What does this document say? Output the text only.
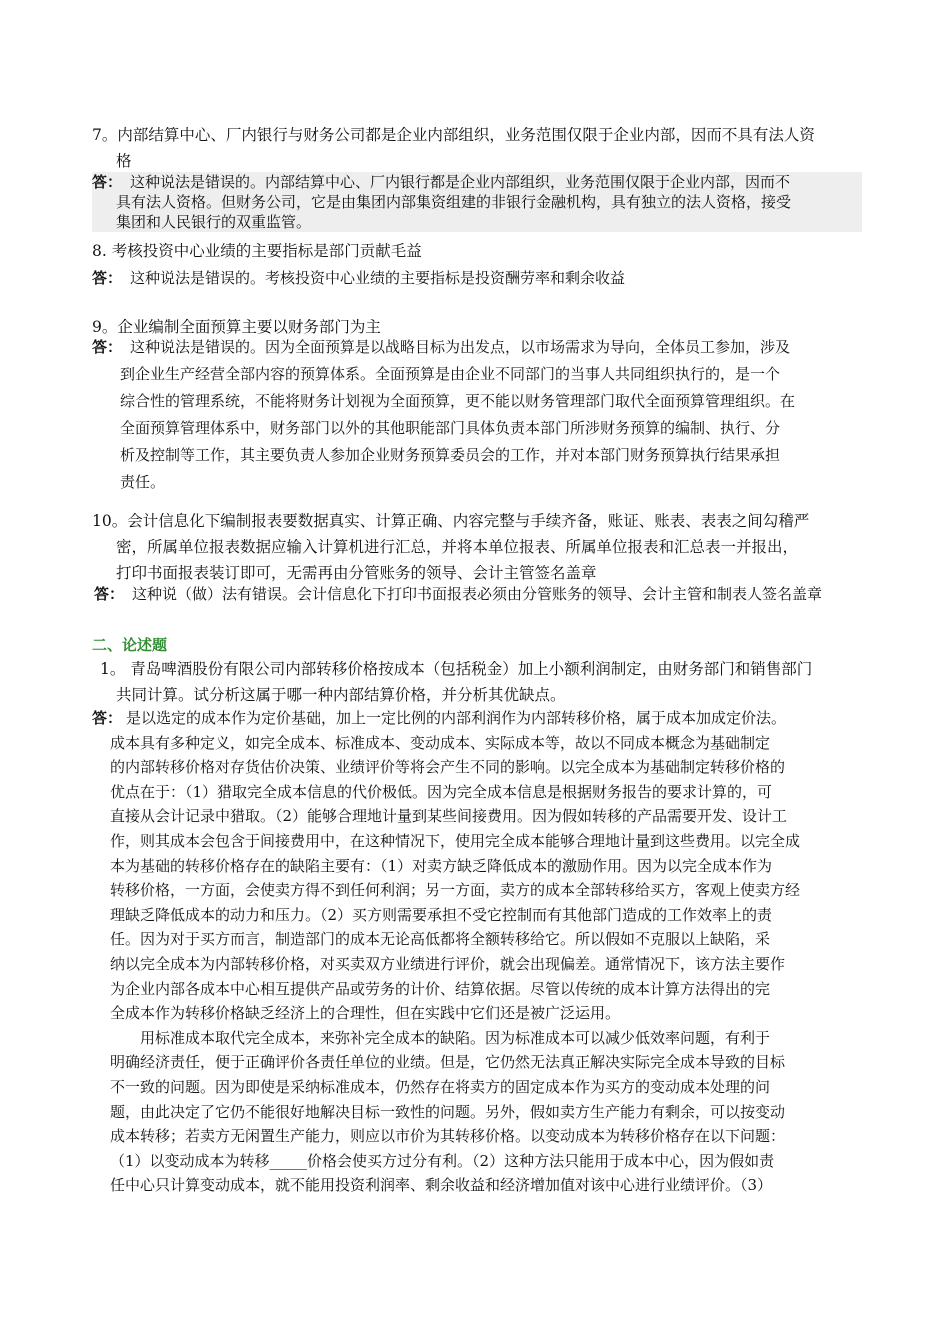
7。内部结算中心、厂内银行与财务公司都是企业内部组织，业务范围仅限于企业内部，因而不具有法人资
格
答： 这种说法是错误的。内部结算中心、厂内银行都是企业内部组织，业务范围仅限于企业内部，因而不
具有法人资格。但财务公司，它是由集团内部集资组建的非银行金融机构，具有独立的法人资格，接受
集团和人民银行的双重监管。
8. 考核投资中心业绩的主要指标是部门贡献毛益
答： 这种说法是错误的。考核投资中心业绩的主要指标是投资酬劳率和剩余收益
9。企业编制全面预算主要以财务部门为主
答： 这种说法是错误的。因为全面预算是以战略目标为出发点，以市场需求为导向，全体员工参加，涉及
到企业生产经营全部内容的预算体系。全面预算是由企业不同部门的当事人共同组织执行的，是一个
综合性的管理系统，不能将财务计划视为全面预算，更不能以财务管理部门取代全面预算管理组织。在
全面预算管理体系中，财务部门以外的其他职能部门具体负责本部门所涉财务预算的编制、执行、分
析及控制等工作，其主要负责人参加企业财务预算委员会的工作，并对本部门财务预算执行结果承担
责任。
10。会计信息化下编制报表要数据真实、计算正确、内容完整与手续齐备，账证、账表、表表之间勾稽严
密，所属单位报表数据应输入计算机进行汇总，并将本单位报表、所属单位报表和汇总表一并报出，
打印书面报表装订即可，无需再由分管账务的领导、会计主管签名盖章
答： 这种说（做）法有错误。会计信息化下打印书面报表必须由分管账务的领导、会计主管和制表人签名盖章
二、论述题
1。 青岛啤酒股份有限公司内部转移价格按成本（包括税金）加上小额利润制定，由财务部门和销售部门
共同计算。试分析这属于哪一种内部结算价格，并分析其优缺点。
答： 是以选定的成本作为定价基础，加上一定比例的内部利润作为内部转移价格，属于成本加成定价法。
成本具有多种定义，如完全成本、标准成本、变动成本、实际成本等，故以不同成本概念为基础制定
的内部转移价格对存货估价决策、业绩评价等将会产生不同的影响。以完全成本为基础制定转移价格的
优点在于：（1）猎取完全成本信息的代价极低。因为完全成本信息是根据财务报告的要求计算的，可
直接从会计记录中猎取。（2）能够合理地计量到某些间接费用。因为假如转移的产品需要开发、设计工
作，则其成本会包含于间接费用中，在这种情况下，使用完全成本能够合理地计量到这些费用。以完全成
本为基础的转移价格存在的缺陷主要有：（1）对卖方缺乏降低成本的激励作用。因为以完全成本作为
转移价格，一方面，会使卖方得不到任何利润；另一方面，卖方的成本全部转移给买方，客观上使卖方经
理缺乏降低成本的动力和压力。（2）买方则需要承担不受它控制而有其他部门造成的工作效率上的责
任。因为对于买方而言，制造部门的成本无论高低都将全额转移给它。所以假如不克服以上缺陷，采
纳以完全成本为内部转移价格，对买卖双方业绩进行评价，就会出现偏差。通常情况下，该方法主要作
为企业内部各成本中心相互提供产品或劳务的计价、结算依据。尽管以传统的成本计算方法得出的完
全成本作为转移价格缺乏经济上的合理性，但在实践中它们还是被广泛运用。
用标准成本取代完全成本，来弥补完全成本的缺陷。因为标准成本可以减少低效率问题，有利于
明确经济责任，便于正确评价各责任单位的业绩。但是，它仍然无法真正解决实际完全成本导致的目标
不一致的问题。因为即使是采纳标准成本，仍然存在将卖方的固定成本作为买方的变动成本处理的问
题，由此决定了它仍不能很好地解决目标一致性的问题。另外，假如卖方生产能力有剩余，可以按变动
成本转移；若卖方无闲置生产能力，则应以市价为其转移价格。以变动成本为转移价格存在以下问题：
（1）以变动成本为转移_____价格会使买方过分有利。（2）这种方法只能用于成本中心，因为假如责
任中心只计算变动成本，就不能用投资利润率、剩余收益和经济增加值对该中心进行业绩评价。（3）
